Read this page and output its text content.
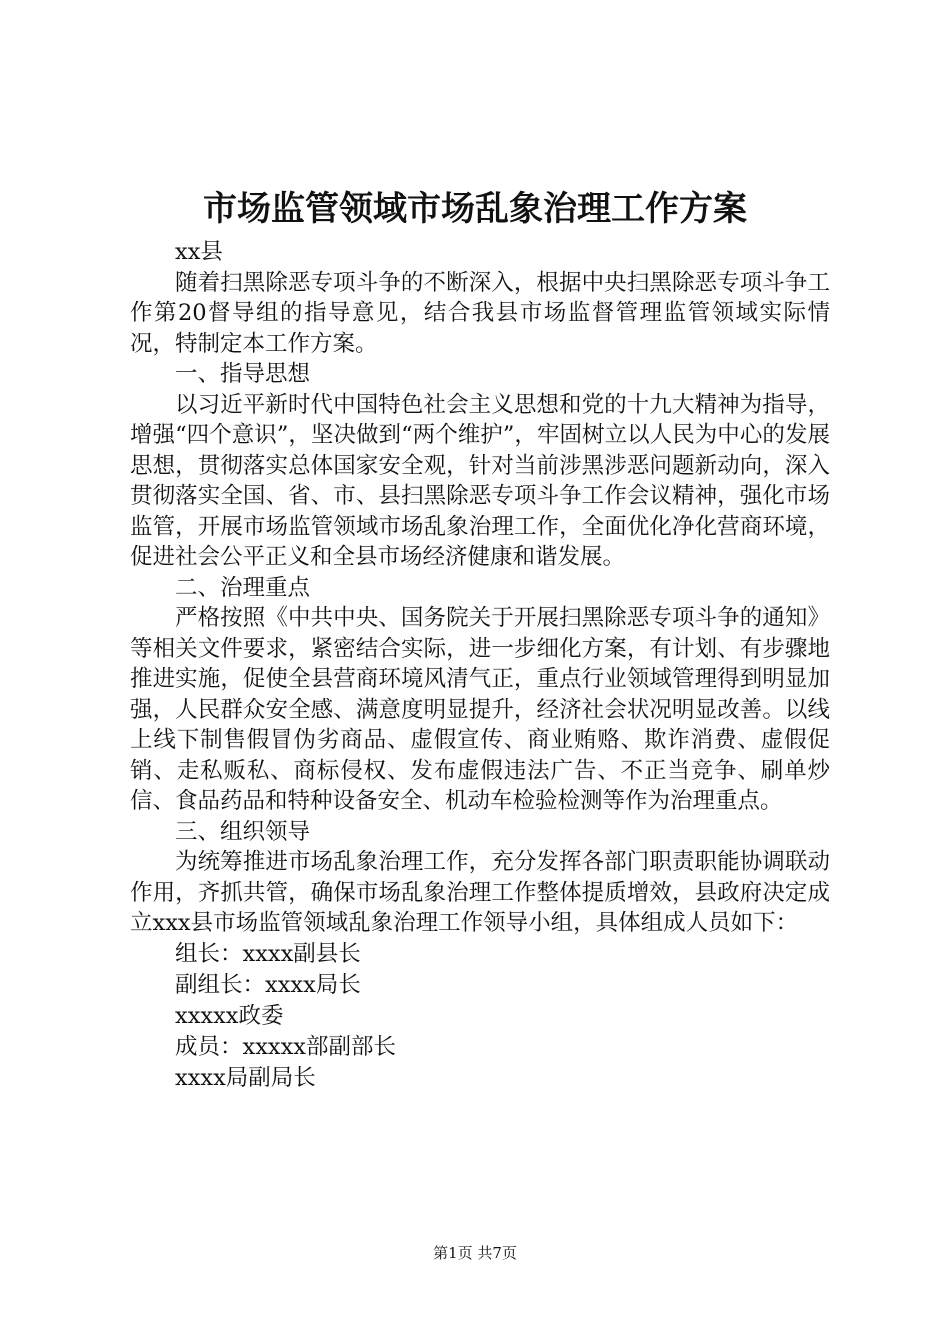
市场监管领域市场乱象治理工作方案

xx县

随着扫黑除恶专项斗争的不断深入，根据中央扫黑除恶专项斗争工作第20督导组的指导意见，结合我县市场监督管理监管领域实际情况，特制定本工作方案。

一、指导思想

以习近平新时代中国特色社会主义思想和党的十九大精神为指导，增强“四个意识”，坚决做到“两个维护”，牢固树立以人民为中心的发展思想，贯彻落实总体国家安全观，针对当前涉黑涉恶问题新动向，深入贯彻落实全国、省、市、县扫黑除恶专项斗争工作会议精神，强化市场监管，开展市场监管领域市场乱象治理工作，全面优化净化营商环境，促进社会公平正义和全县市场经济健康和谐发展。

二、治理重点

严格按照《中共中央、国务院关于开展扫黑除恶专项斗争的通知》等相关文件要求，紧密结合实际，进一步细化方案，有计划、有步骤地推进实施，促使全县营商环境风清气正，重点行业领域管理得到明显加强，人民群众安全感、满意度明显提升，经济社会状况明显改善。以线上线下制售假冒伪劣商品、虚假宣传、商业贿赂、欺诈消费、虚假促销、走私贩私、商标侵权、发布虚假违法广告、不正当竞争、刷单炒信、食品药品和特种设备安全、机动车检验检测等作为治理重点。

三、组织领导

为统筹推进市场乱象治理工作，充分发挥各部门职责职能协调联动作用，齐抓共管，确保市场乱象治理工作整体提质增效，县政府决定成立xxx县市场监管领域乱象治理工作领导小组，具体组成人员如下：

组长：xxxx副县长
副组长：xxxx局长
xxxxx政委
成员：xxxxx部副部长
xxxx局副局长
第1页 共7页
